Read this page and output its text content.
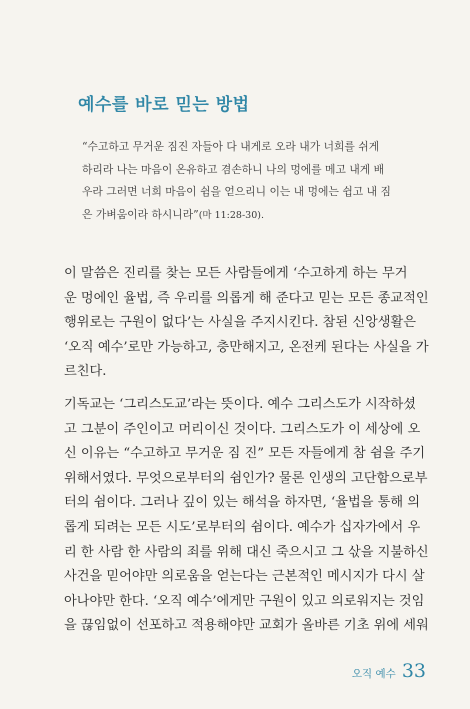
예수를 바로 믿는 방법
“수고하고 무거운 짐진 자들아 다 내게로 오라 내가 너희를 쉬게
하리라 나는 마음이 온유하고 겸손하니 나의 멍에를 메고 내게 배
우라 그러면 너희 마음이 쉼을 얻으리니 이는 내 멍에는 쉽고 내 짐
은 가벼움이라 하시니라”(마 11:28-30).
이 말씀은 진리를 찾는 모든 사람들에게 ‘수고하게 하는 무거
운 멍에인 율법, 즉 우리를 의롭게 해 준다고 믿는 모든 종교적인
행위로는 구원이 없다’는 사실을 주지시킨다. 참된 신앙생활은
‘오직 예수’로만 가능하고, 충만해지고, 온전케 된다는 사실을 가
르친다.
기독교는 ‘그리스도교’라는 뜻이다. 예수 그리스도가 시작하셨
고 그분이 주인이고 머리이신 것이다. 그리스도가 이 세상에 오
신 이유는 “수고하고 무거운 짐 진” 모든 자들에게 참 쉼을 주기
위해서였다. 무엇으로부터의 쉼인가? 물론 인생의 고단함으로부
터의 쉼이다. 그러나 깊이 있는 해석을 하자면, ‘율법을 통해 의
롭게 되려는 모든 시도’로부터의 쉼이다. 예수가 십자가에서 우
리 한 사람 한 사람의 죄를 위해 대신 죽으시고 그 삯을 지불하신
사건을 믿어야만 의로움을 얻는다는 근본적인 메시지가 다시 살
아나야만 한다. ‘오직 예수’에게만 구원이 있고 의로워지는 것임
을 끊임없이 선포하고 적용해야만 교회가 올바른 기초 위에 세워
오직 예수 33
